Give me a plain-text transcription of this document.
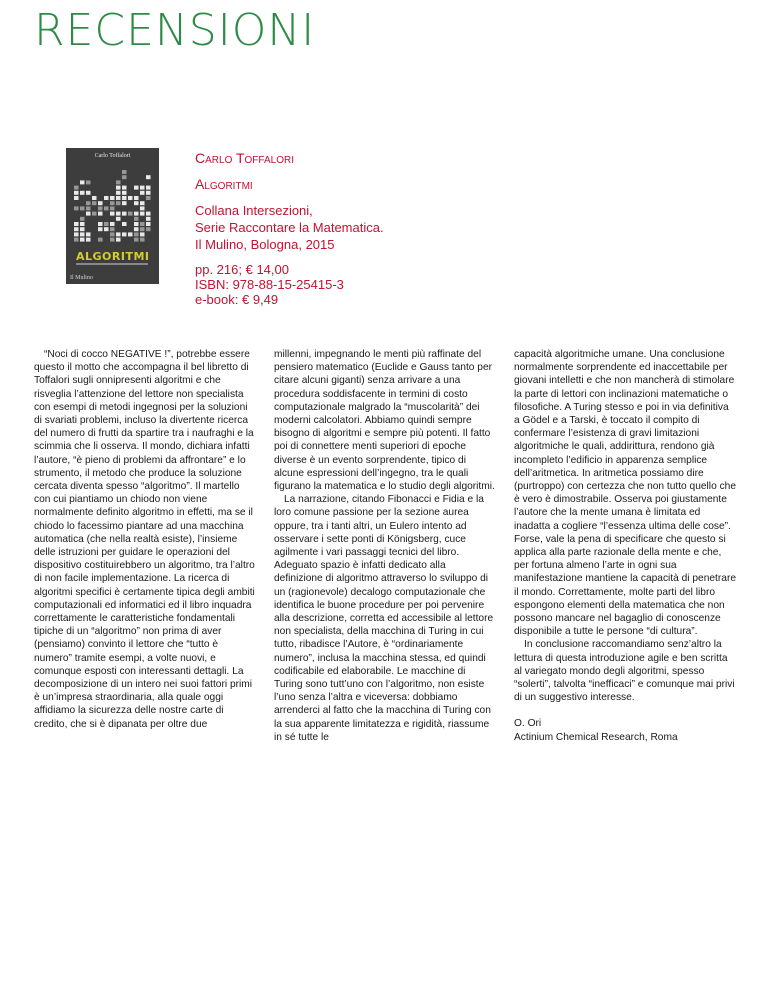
RECENSIONI
Carlo Toffalori
ALGORITMI
Il Mulino
Carlo Toffalori
Algoritmi
Collana Intersezioni,
Serie Raccontare la Matematica.
Il Mulino, Bologna, 2015
pp. 216; € 14,00
ISBN: 978-88-15-25415-3
e-book: € 9,49

“Noci di cocco NEGATIVE !”, potrebbe essere questo il motto che accompagna il bel libretto di Toffalori sugli onnipresenti algoritmi e che risveglia l’attenzione del lettore non specialista con esempi di metodi ingegnosi per la soluzioni di svariati problemi, incluso la divertente ricerca del numero di frutti da spartire tra i naufraghi e la scimmia che li osserva. Il mondo, dichiara infatti l’autore, “è pieno di problemi da affrontare” e lo strumento, il metodo che produce la soluzione cercata diventa spesso “algoritmo”. Il martello con cui piantiamo un chiodo non viene normalmente definito algoritmo in effetti, ma se il chiodo lo facessimo piantare ad una macchina automatica (che nella realtà esiste), l’insieme delle istruzioni per guidare le operazioni del dispositivo costituirebbero un algoritmo, tra l’altro di non facile implementazione. La ricerca di algoritmi specifici è certamente tipica degli ambiti computazionali ed informatici ed il libro inquadra correttamente le caratteristiche fondamentali tipiche di un “algoritmo” non prima di aver (pensiamo) convinto il lettore che “tutto è numero” tramite esempi, a volte nuovi, e comunque esposti con interessanti dettagli. La decomposizione di un intero nei suoi fattori primi è un’impresa straordinaria, alla quale oggi affidiamo la sicurezza delle nostre carte di credito, che si è dipanata per oltre due

millenni, impegnando le menti più raffinate del pensiero matematico (Euclide e Gauss tanto per citare alcuni giganti) senza arrivare a una procedura soddisfacente in termini di costo computazionale malgrado la “muscolarità” dei moderni calcolatori. Abbiamo quindi sempre bisogno di algoritmi e sempre più potenti. Il fatto poi di connettere menti superiori di epoche diverse è un evento sorprendente, tipico di alcune espressioni dell’ingegno, tra le quali figurano la matematica e lo studio degli algoritmi.

La narrazione, citando Fibonacci e Fidia e la loro comune passione per la sezione aurea oppure, tra i tanti altri, un Eulero intento ad osservare i sette ponti di Königsberg, cuce agilmente i vari passaggi tecnici del libro. Adeguato spazio è infatti dedicato alla definizione di algoritmo attraverso lo sviluppo di un (ragionevole) decalogo computazionale che identifica le buone procedure per poi pervenire alla descrizione, corretta ed accessibile al lettore non specialista, della macchina di Turing in cui tutto, ribadisce l’Autore, è “ordinariamente numero”, inclusa la macchina stessa, ed quindi codificabile ed elaborabile. Le macchine di Turing sono tutt’uno con l’algoritmo, non esiste l’uno senza l’altra e viceversa: dobbiamo arrenderci al fatto che la macchina di Turing con la sua apparente limitatezza e rigidità, riassume in sé tutte le

capacità algoritmiche umane. Una conclusione normalmente sorprendente ed inaccettabile per giovani intelletti e che non mancherà di stimolare la parte di lettori con inclinazioni matematiche o filosofiche. A Turing stesso e poi in via definitiva a Gödel e a Tarski, è toccato il compito di confermare l’esistenza di gravi limitazioni algoritmiche le quali, addirittura, rendono già incompleto l’edificio in apparenza semplice dell’aritmetica. In aritmetica possiamo dire (purtroppo) con certezza che non tutto quello che è vero è dimostrabile. Osserva poi giustamente l’autore che la mente umana è limitata ed inadatta a cogliere “l’essenza ultima delle cose”. Forse, vale la pena di specificare che questo si applica alla parte razionale della mente e che, per fortuna almeno l’arte in ogni sua manifestazione mantiene la capacità di penetrare il mondo. Correttamente, molte parti del libro espongono elementi della matematica che non possono mancare nel bagaglio di conoscenze disponibile a tutte le persone “di cultura”.

In conclusione raccomandiamo senz’altro la lettura di questa introduzione agile e ben scritta al variegato mondo degli algoritmi, spesso “solerti”, talvolta “inefficaci” e comunque mai privi di un suggestivo interesse.

O. Ori
Actinium Chemical Research, Roma
